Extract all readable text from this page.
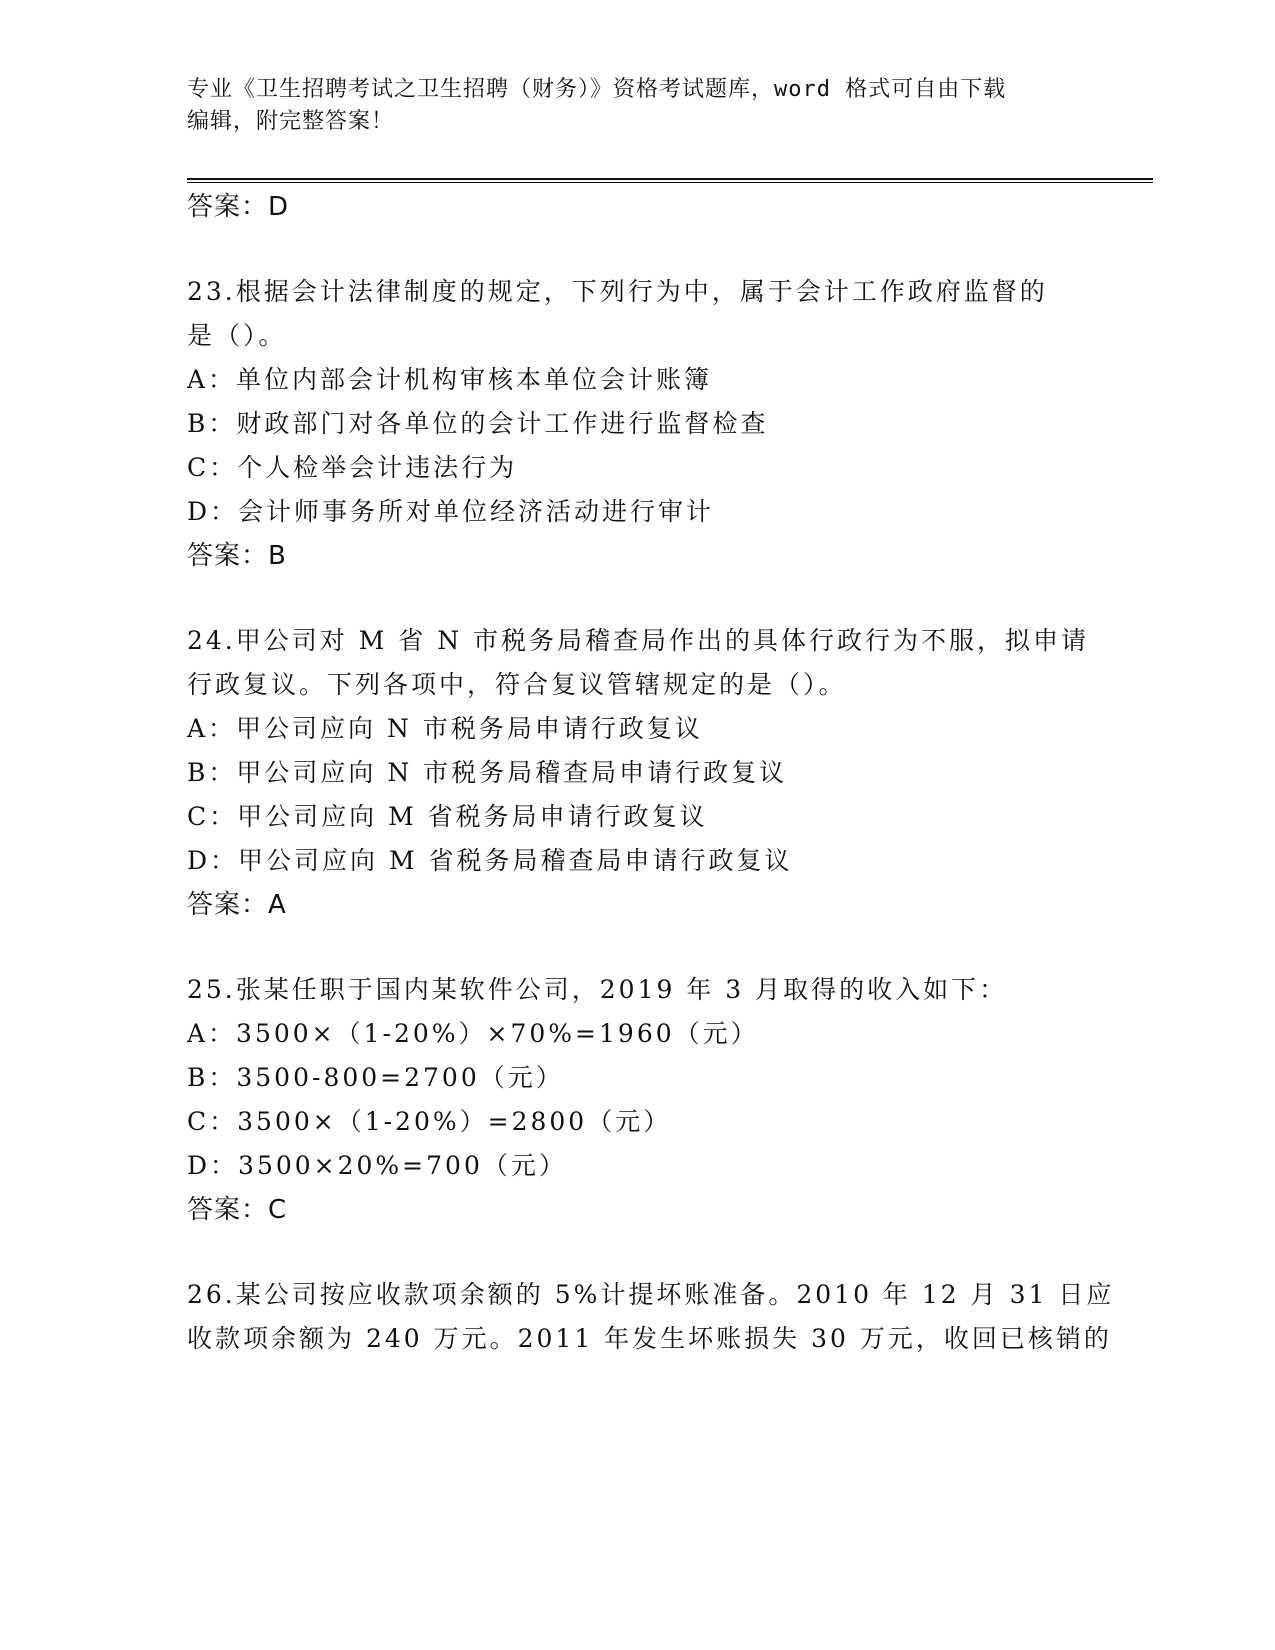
专业《卫生招聘考试之卫生招聘（财务）》资格考试题库，word 格式可自由下载
编辑，附完整答案！
答案：D
23.根据会计法律制度的规定，下列行为中，属于会计工作政府监督的
是（）。
A：单位内部会计机构审核本单位会计账簿
B：财政部门对各单位的会计工作进行监督检查
C：个人检举会计违法行为
D：会计师事务所对单位经济活动进行审计
答案：B
24.甲公司对 M 省 N 市税务局稽查局作出的具体行政行为不服，拟申请
行政复议。下列各项中，符合复议管辖规定的是（）。
A：甲公司应向 N 市税务局申请行政复议
B：甲公司应向 N 市税务局稽查局申请行政复议
C：甲公司应向 M 省税务局申请行政复议
D：甲公司应向 M 省税务局稽查局申请行政复议
答案：A
25.张某任职于国内某软件公司，2019 年 3 月取得的收入如下：
A：3500×（1-20%）×70%=1960（元）
B：3500-800=2700（元）
C：3500×（1-20%）=2800（元）
D：3500×20%=700（元）
答案：C
26.某公司按应收款项余额的 5%计提坏账准备。2010 年 12 月 31 日应
收款项余额为 240 万元。2011 年发生坏账损失 30 万元，收回已核销的
